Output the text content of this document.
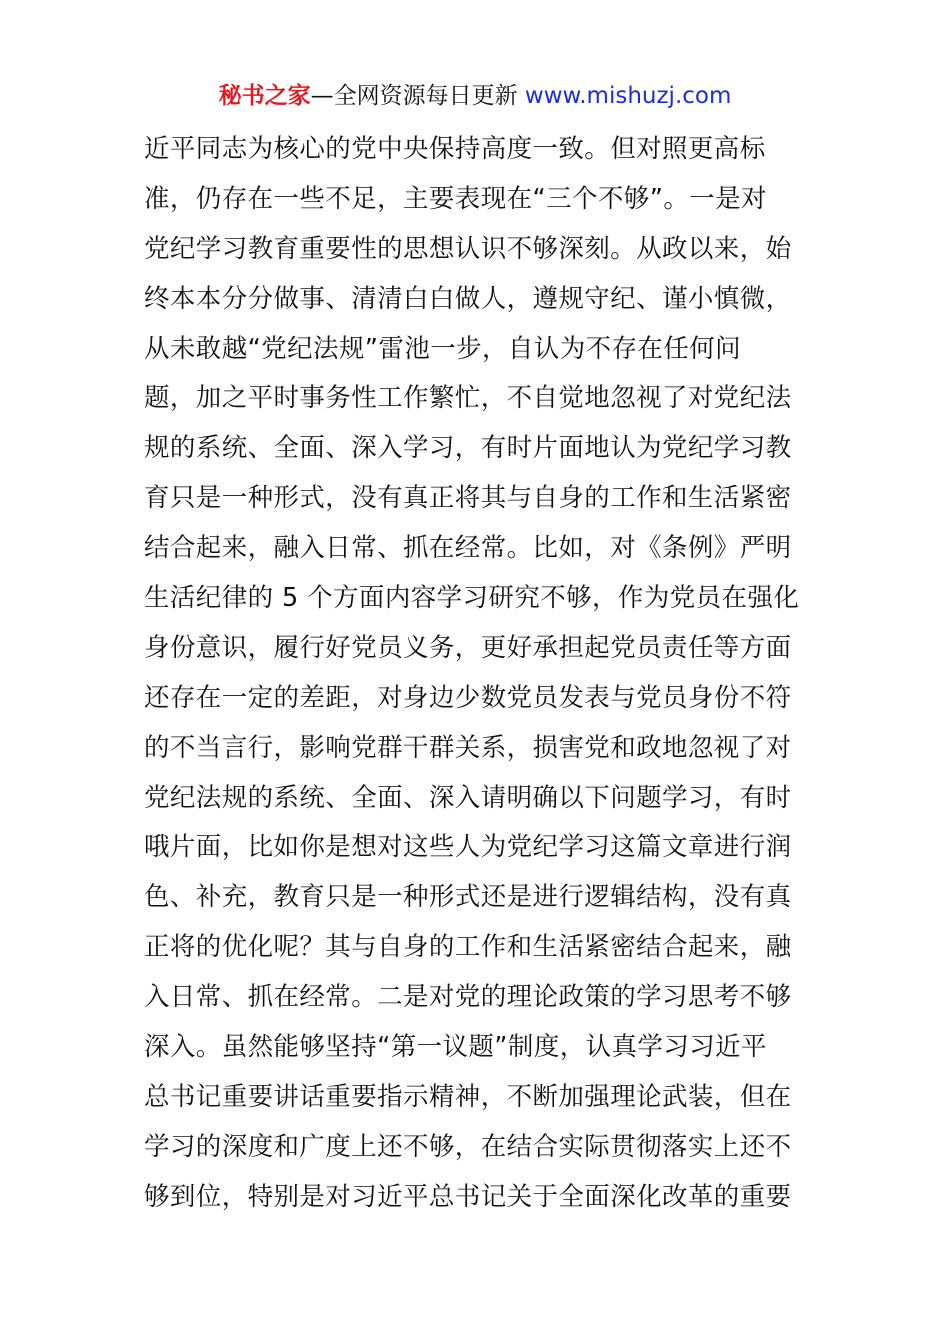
秘书之家—全网资源每日更新 www.mishuzj.com
近平同志为核心的党中央保持高度一致。但对照更高标
准，仍存在一些不足，主要表现在“三个不够”。一是对
党纪学习教育重要性的思想认识不够深刻。从政以来，始
终本本分分做事、清清白白做人，遵规守纪、谨小慎微，
从未敢越“党纪法规”雷池一步，自认为不存在任何问
题，加之平时事务性工作繁忙，不自觉地忽视了对党纪法
规的系统、全面、深入学习，有时片面地认为党纪学习教
育只是一种形式，没有真正将其与自身的工作和生活紧密
结合起来，融入日常、抓在经常。比如，对《条例》严明
生活纪律的 5 个方面内容学习研究不够，作为党员在强化
身份意识，履行好党员义务，更好承担起党员责任等方面
还存在一定的差距，对身边少数党员发表与党员身份不符
的不当言行，影响党群干群关系，损害党和政地忽视了对
党纪法规的系统、全面、深入请明确以下问题学习，有时
哦片面，比如你是想对这些人为党纪学习这篇文章进行润
色、补充，教育只是一种形式还是进行逻辑结构，没有真
正将的优化呢？其与自身的工作和生活紧密结合起来，融
入日常、抓在经常。二是对党的理论政策的学习思考不够
深入。虽然能够坚持“第一议题”制度，认真学习习近平
总书记重要讲话重要指示精神，不断加强理论武装，但在
学习的深度和广度上还不够，在结合实际贯彻落实上还不
够到位，特别是对习近平总书记关于全面深化改革的重要
